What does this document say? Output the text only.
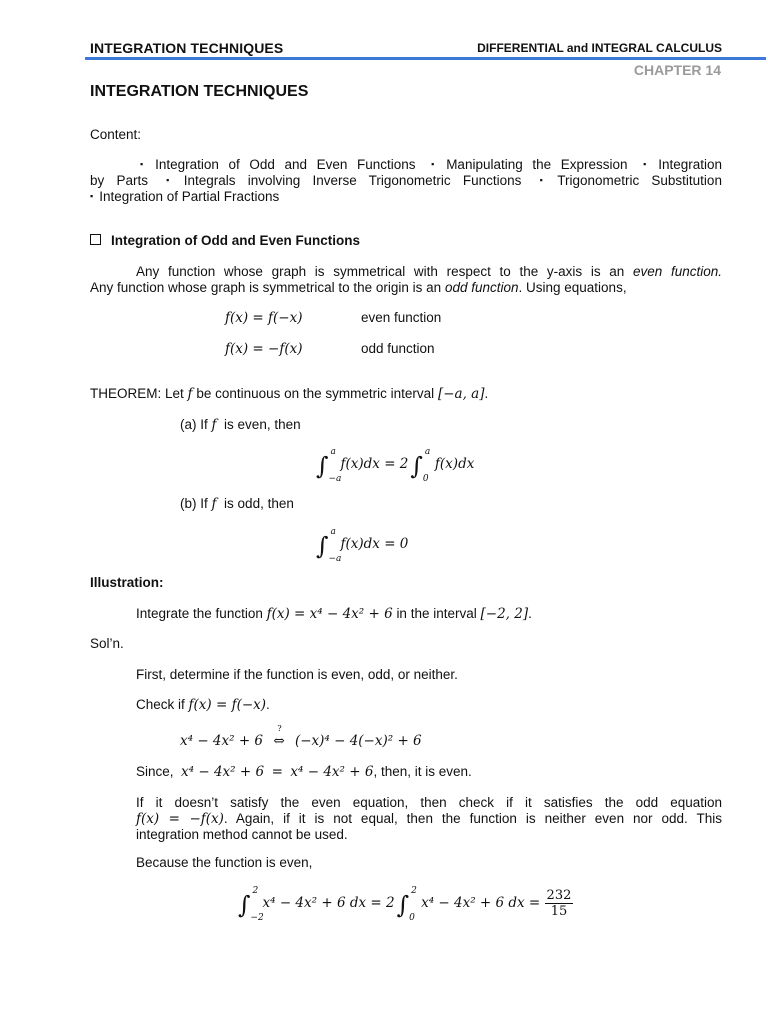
INTEGRATION TECHNIQUES	DIFFERENTIAL and INTEGRAL CALCULUS
CHAPTER 14
INTEGRATION TECHNIQUES
Content:
▪ Integration of Odd and Even Functions ▪ Manipulating the Expression ▪ Integration
by Parts ▪ Integrals involving Inverse Trigonometric Functions ▪ Trigonometric Substitution
▪ Integration of Partial Fractions
Integration of Odd and Even Functions
Any function whose graph is symmetrical with respect to the y-axis is an even function.
Any function whose graph is symmetrical to the origin is an odd function. Using equations,
f(x) = f(−x)	even function
f(x) = −f(x)	odd function
THEOREM: Let f be continuous on the symmetric interval [−a, a].
(a) If f is even, then
∫ a
−a
f(x)dx = 2∫ a
0
f(x)dx
(b) If f is odd, then
∫ a
−a
f(x)dx = 0
Illustration:
Integrate the function f(x) = x⁴ − 4x² + 6 in the interval [−2, 2].
Sol’n.
First, determine if the function is even, odd, or neither.
Check if f(x) = f(−x).
x⁴ − 4x² + 6
?
⇔ (−x)⁴ − 4(−x)² + 6
Since, x⁴ − 4x² + 6 = x⁴ − 4x² + 6, then, it is even.
If it doesn’t satisfy the even equation, then check if it satisfies the odd equation
f(x) = −f(x). Again, if it is not equal, then the function is neither even nor odd. This
integration method cannot be used.
Because the function is even,
∫ 2
−2
x⁴ − 4x² + 6 dx = 2∫ 2
0
x⁴ − 4x² + 6 dx = $\frac{232}{15}$
